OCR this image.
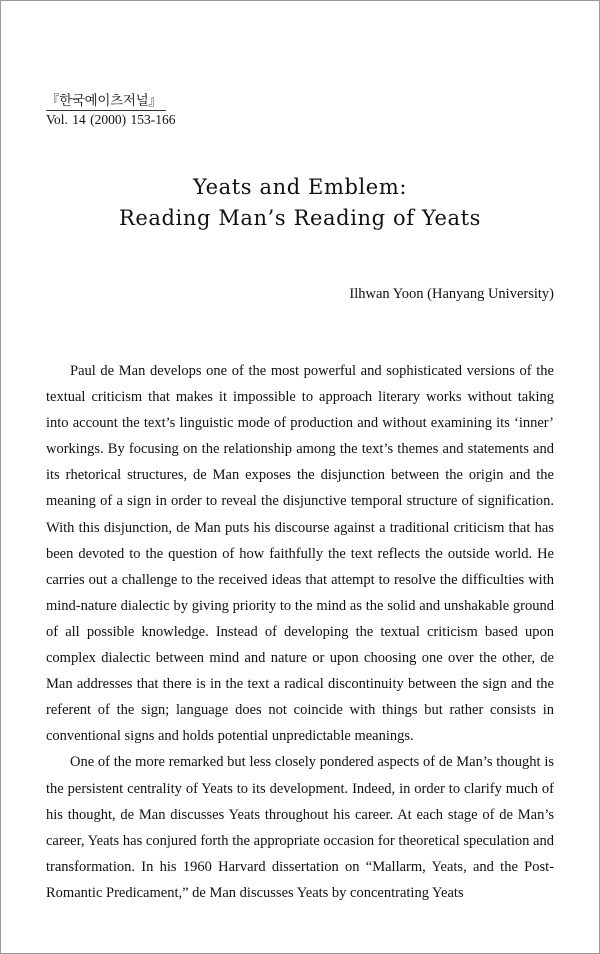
『한국예이츠저널』
Vol. 14 (2000) 153-166
Yeats and Emblem:
Reading Man’s Reading of Yeats
Ilhwan Yoon (Hanyang University)

Paul de Man develops one of the most powerful and sophisticated versions of the textual criticism that makes it impossible to approach literary works without taking into account the text’s linguistic mode of production and without examining its ‘inner’ workings. By focusing on the relationship among the text’s themes and statements and its rhetorical structures, de Man exposes the disjunction between the origin and the meaning of a sign in order to reveal the disjunctive temporal structure of signification. With this disjunction, de Man puts his discourse against a traditional criticism that has been devoted to the question of how faithfully the text reflects the outside world. He carries out a challenge to the received ideas that attempt to resolve the difficulties with mind-nature dialectic by giving priority to the mind as the solid and unshakable ground of all possible knowledge. Instead of developing the textual criticism based upon complex dialectic between mind and nature or upon choosing one over the other, de Man addresses that there is in the text a radical discontinuity between the sign and the referent of the sign; language does not coincide with things but rather consists in conventional signs and holds potential unpredictable meanings.

One of the more remarked but less closely pondered aspects of de Man’s thought is the persistent centrality of Yeats to its development. Indeed, in order to clarify much of his thought, de Man discusses Yeats throughout his career. At each stage of de Man’s career, Yeats has conjured forth the appropriate occasion for theoretical speculation and transformation. In his 1960 Harvard dissertation on “Mallarm, Yeats, and the Post-Romantic Predicament,” de Man discusses Yeats by concentrating Yeats
